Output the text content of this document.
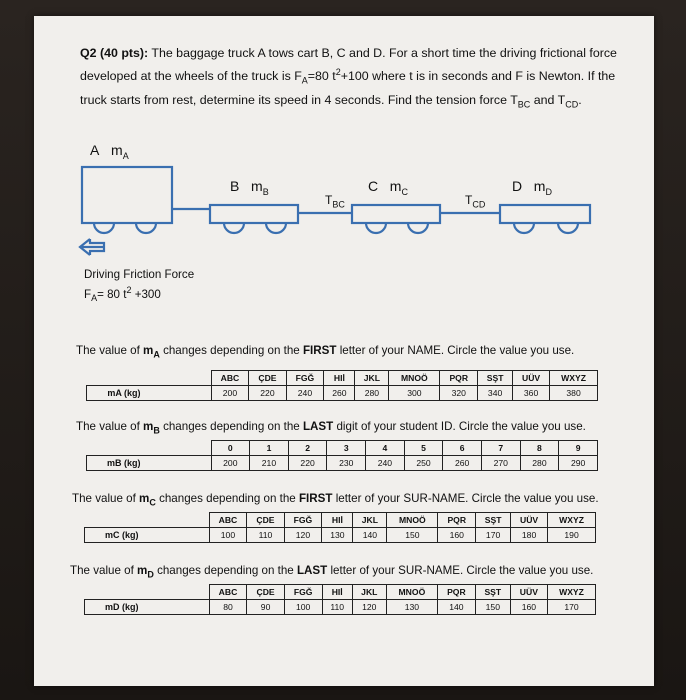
Q2 (40 pts): The baggage truck A tows cart B, C and D. For a short time the driving frictional force developed at the wheels of the truck is $F_A=80$ $t^2+100$ where t is in seconds and F is Newton. If the truck starts from rest, determine its speed in 4 seconds. Find the tension force $T_{BC}$ and $T_{CD}$.
A $m_A$
B $m_B$
$T_{BC}$
C $m_C$
$T_{CD}$
D $m_D$
Driving Friction Force
$F_A= 80$ $t^2 +300$
The value of $m_A$ changes depending on the FIRST letter of your NAME. Circle the value you use.
	ABC	ÇDE	FGĞ	HIİ	JKL	MNOÖ	PQR	SŞT	UÜV	WXYZ
mA (kg)	200	220	240	260	280	300	320	340	360	380
The value of $m_B$ changes depending on the LAST digit of your student ID. Circle the value you use.
	0	1	2	3	4	5	6	7	8	9
mB (kg)	200	210	220	230	240	250	260	270	280	290
The value of $m_C$ changes depending on the FIRST letter of your SUR-NAME. Circle the value you use.
	ABC	ÇDE	FGĞ	HIİ	JKL	MNOÖ	PQR	SŞT	UÜV	WXYZ
mC (kg)	100	110	120	130	140	150	160	170	180	190
The value of $m_D$ changes depending on the LAST letter of your SUR-NAME. Circle the value you use.
	ABC	ÇDE	FGĞ	HIİ	JKL	MNOÖ	PQR	SŞT	UÜV	WXYZ
mD (kg)	80	90	100	110	120	130	140	150	160	170
